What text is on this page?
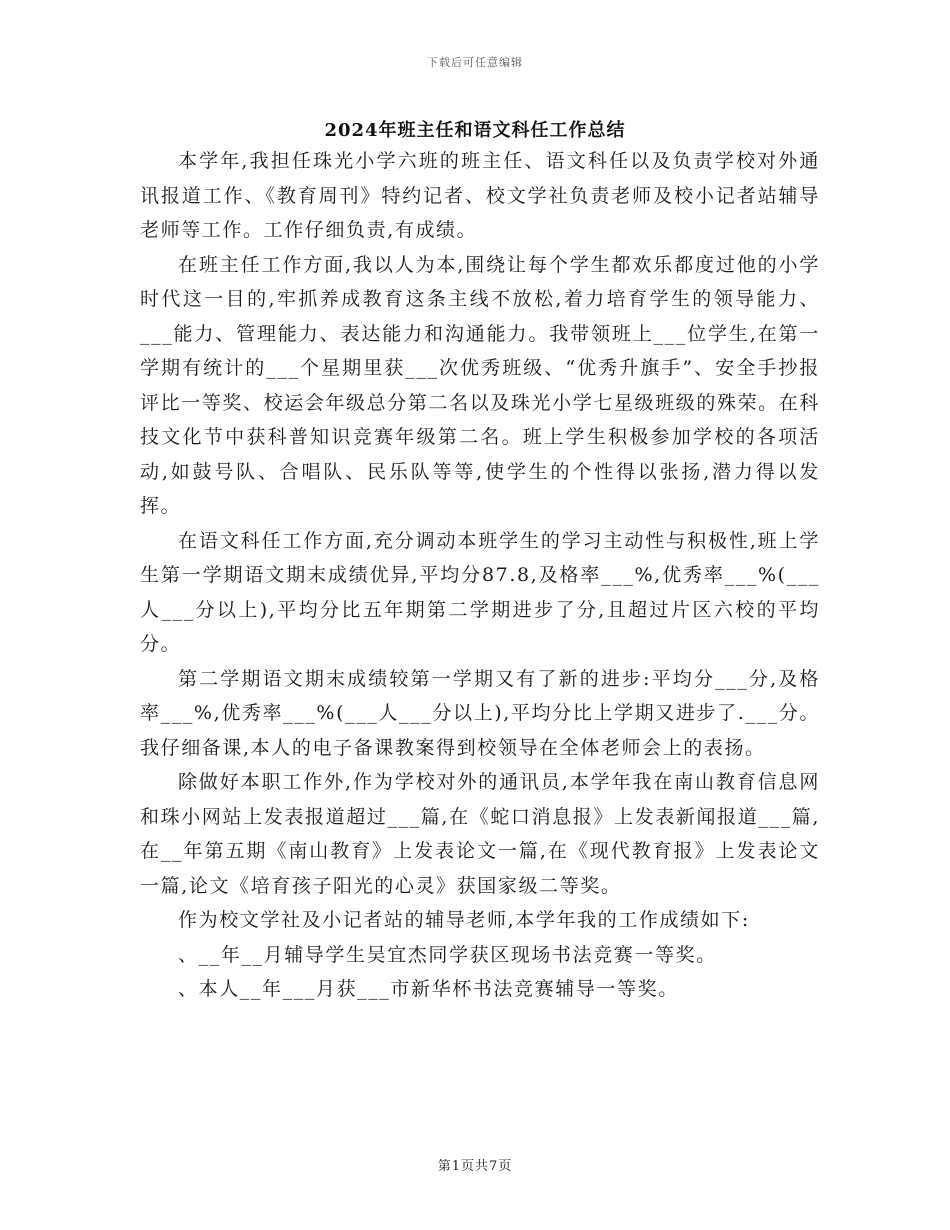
下载后可任意编辑
2024年班主任和语文科任工作总结

本学年,我担任珠光小学六班的班主任、语文科任以及负责学校对外通讯报道工作、《教育周刊》特约记者、校文学社负责老师及校小记者站辅导老师等工作。工作仔细负责,有成绩。

在班主任工作方面,我以人为本,围绕让每个学生都欢乐都度过他的小学时代这一目的,牢抓养成教育这条主线不放松,着力培育学生的领导能力、___能力、管理能力、表达能力和沟通能力。我带领班上___位学生,在第一学期有统计的___个星期里获___次优秀班级、“优秀升旗手”、安全手抄报评比一等奖、校运会年级总分第二名以及珠光小学七星级班级的殊荣。在科技文化节中获科普知识竞赛年级第二名。班上学生积极参加学校的各项活动,如鼓号队、合唱队、民乐队等等,使学生的个性得以张扬,潜力得以发挥。

在语文科任工作方面,充分调动本班学生的学习主动性与积极性,班上学生第一学期语文期末成绩优异,平均分87.8,及格率___%,优秀率___%(___人___分以上),平均分比五年期第二学期进步了分,且超过片区六校的平均分。

第二学期语文期末成绩较第一学期又有了新的进步:平均分___分,及格率___%,优秀率___%(___人___分以上),平均分比上学期又进步了.___分。我仔细备课,本人的电子备课教案得到校领导在全体老师会上的表扬。

除做好本职工作外,作为学校对外的通讯员,本学年我在南山教育信息网和珠小网站上发表报道超过___篇,在《蛇口消息报》上发表新闻报道___篇,在__年第五期《南山教育》上发表论文一篇,在《现代教育报》上发表论文一篇,论文《培育孩子阳光的心灵》获国家级二等奖。

作为校文学社及小记者站的辅导老师,本学年我的工作成绩如下:

、__年__月辅导学生吴宜杰同学获区现场书法竞赛一等奖。

、本人__年___月获___市新华杯书法竞赛辅导一等奖。

第1页共7页
